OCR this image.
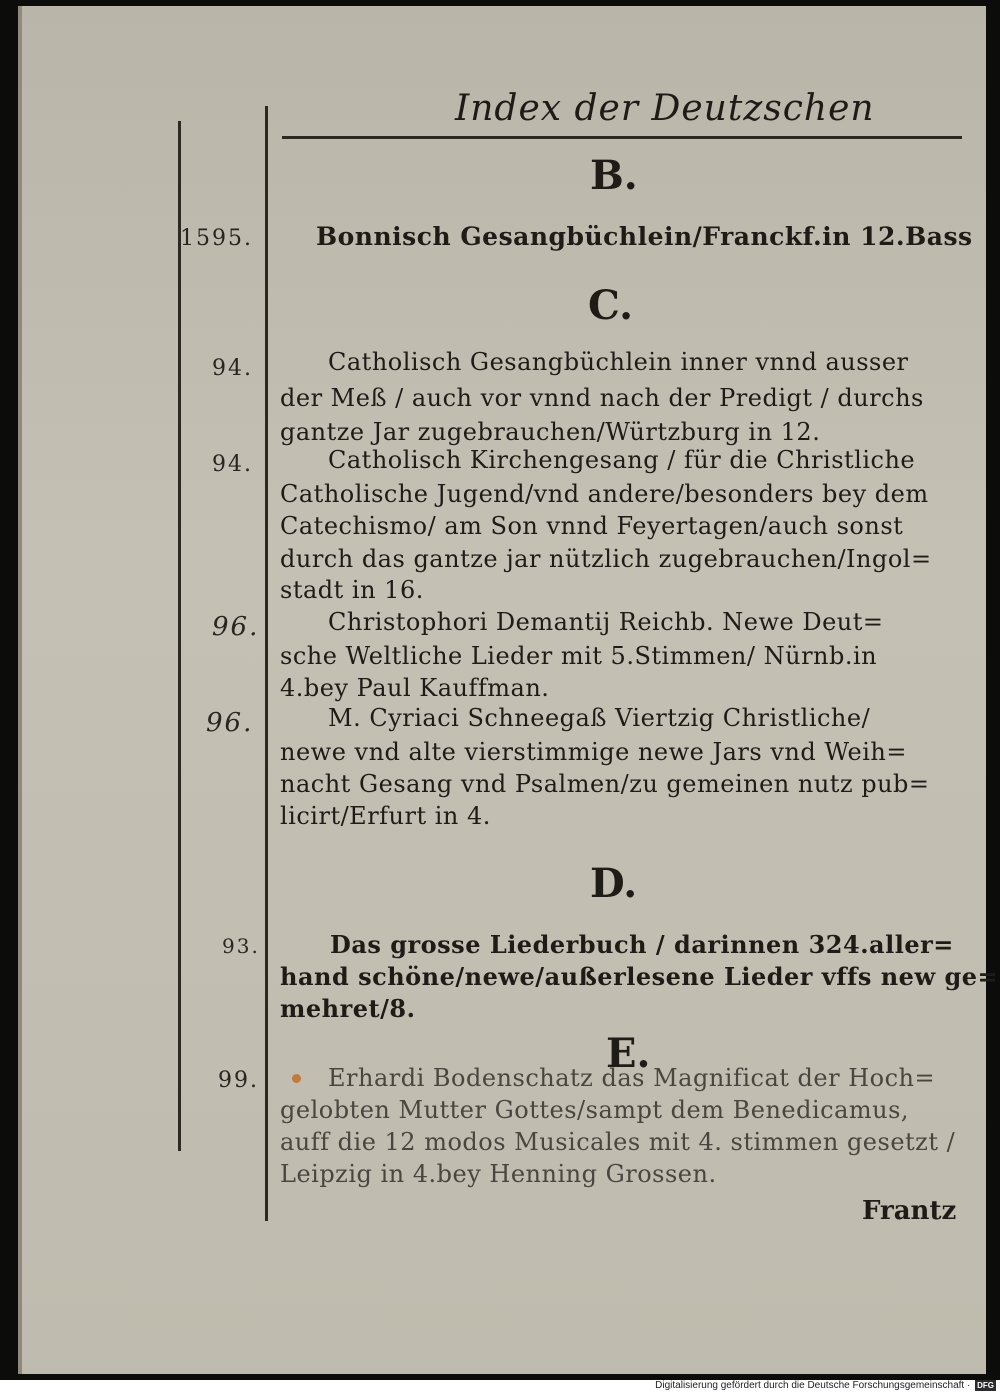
Index der Deutzschen
B.
1595.	Bonnisch Gesangbüchlein/Franckf.in 12.Bass
C.
94.	Catholisch Gesangbüchlein inner vnnd ausser
der Meß / auch vor vnnd nach der Predigt / durchs
gantze Jar zugebrauchen/Würtzburg in 12.
94.	Catholisch Kirchengesang / für die Christliche
Catholische Jugend/vnd andere/besonders bey dem
Catechismo/ am Son vnnd Feyertagen/auch sonst
durch das gantze jar nützlich zugebrauchen/Ingol=
stadt in 16.
96.	Christophori Demantij Reichb. Newe Deut=
sche Weltliche Lieder mit 5.Stimmen/ Nürnb.in
4.bey Paul Kauffman.
96.	M. Cyriaci Schneegaß Viertzig Christliche/
newe vnd alte vierstimmige newe Jars vnd Weih=
nacht Gesang vnd Psalmen/zu gemeinen nutz pub=
licirt/Erfurt in 4.
D.
93.	Das grosse Liederbuch / darinnen 324.aller=
hand schöne/newe/außerlesene Lieder vffs new ge=
mehret/8.
E.
99.	Erhardi Bodenschatz das Magnificat der Hoch=
gelobten Mutter Gottes/sampt dem Benedicamus,
auff die 12 modos Musicales mit 4. stimmen gesetzt /
Leipzig in 4.bey Henning Grossen.
Frantz
Digitalisierung gefördert durch die Deutsche Forschungsgemeinschaft · DFG
